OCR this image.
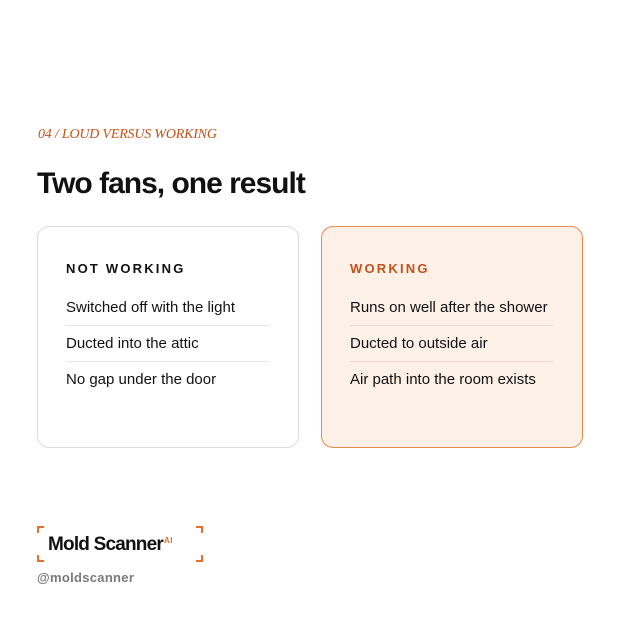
04 / LOUD VERSUS WORKING
Two fans, one result
NOT WORKING
Switched off with the light
Ducted into the attic
No gap under the door
WORKING
Runs on well after the shower
Ducted to outside air
Air path into the room exists
Mold Scanner$^{AI}$
@moldscanner
